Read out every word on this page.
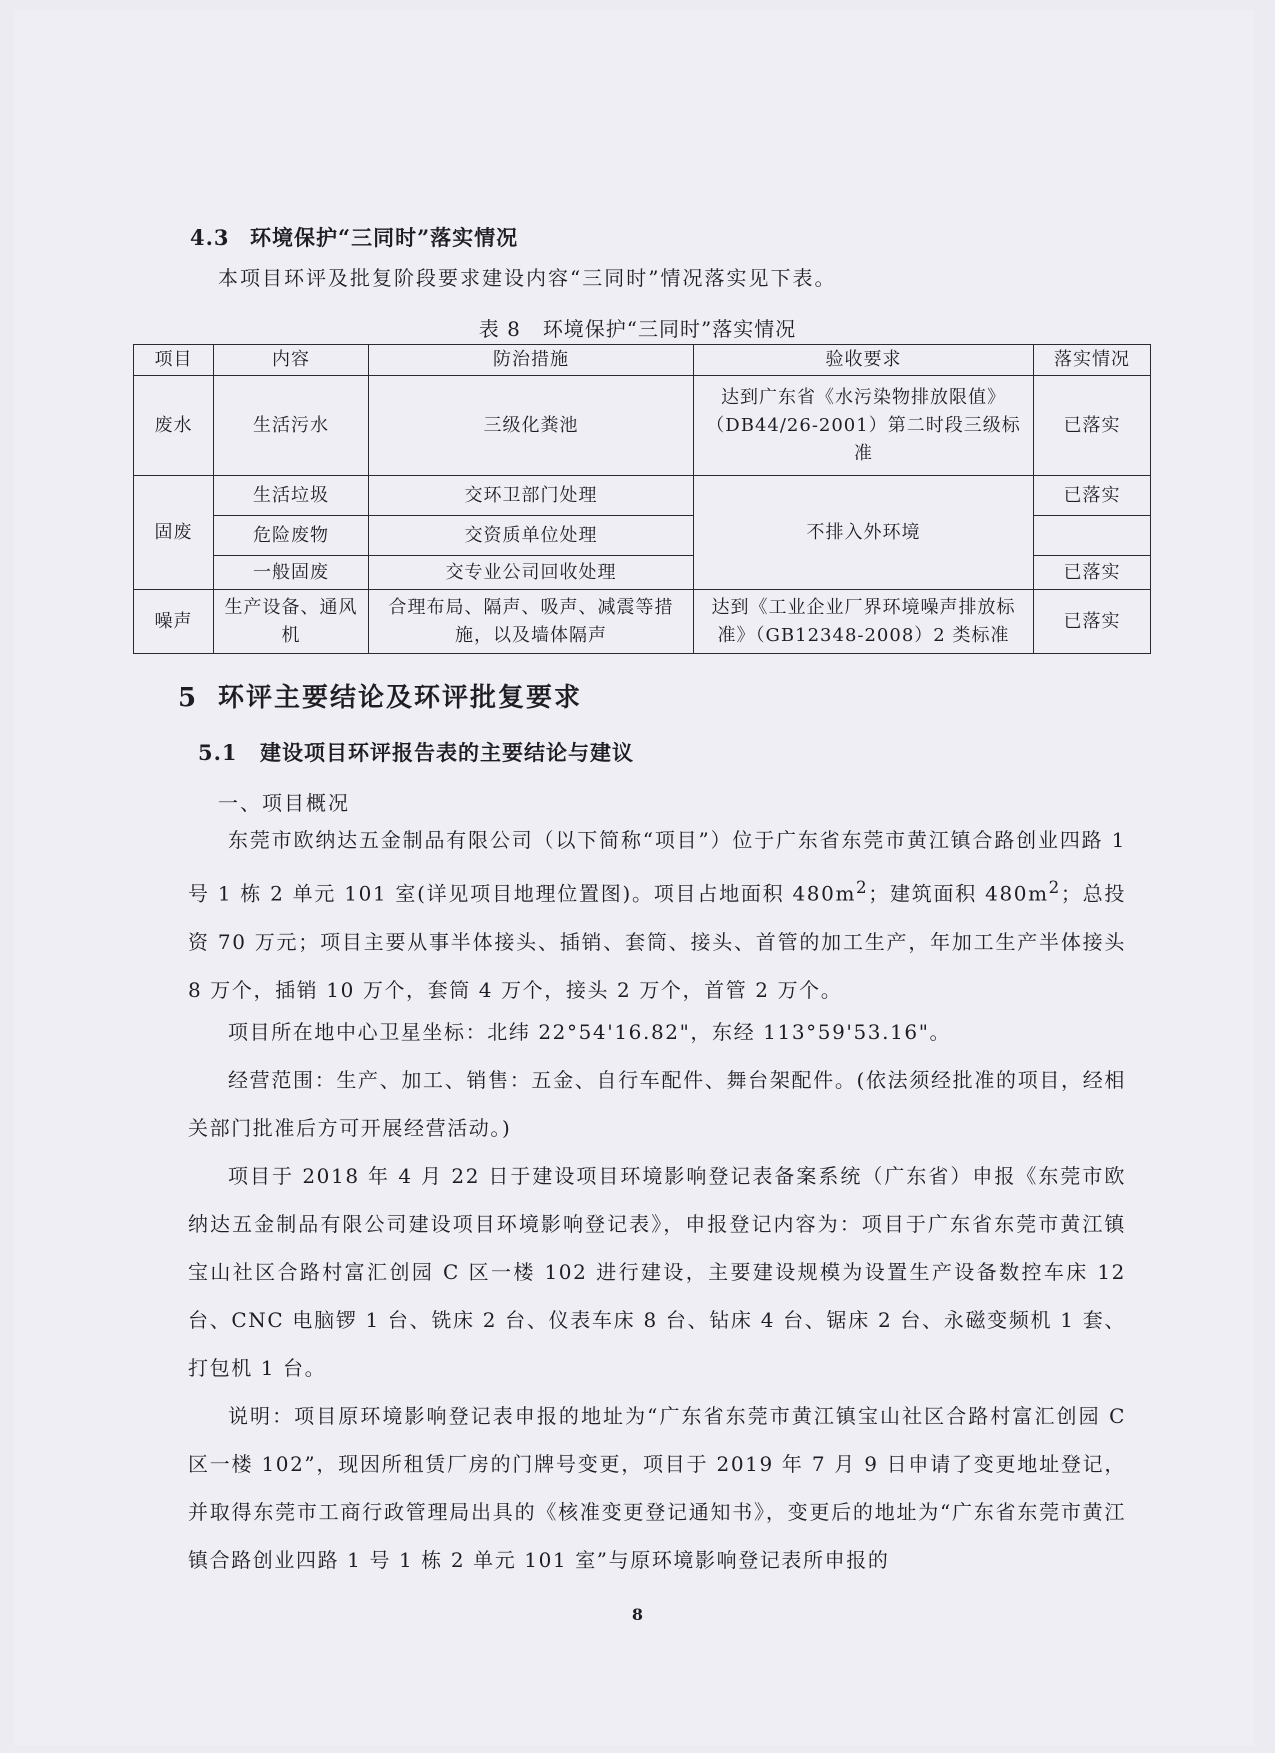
4.3 环境保护“三同时”落实情况
本项目环评及批复阶段要求建设内容“三同时”情况落实见下表。
表 8 环境保护“三同时”落实情况
项目	内容	防治措施	验收要求	落实情况
废水	生活污水	三级化粪池	达到广东省《水污染物排放限值》（DB44/26-2001）第二时段三级标准	已落实
固废	生活垃圾	交环卫部门处理	不排入外环境	已落实
	危险废物	交资质单位处理		
	一般固废	交专业公司回收处理		已落实
噪声	生产设备、通风机	合理布局、隔声、吸声、减震等措施，以及墙体隔声	达到《工业企业厂界环境噪声排放标准》（GB12348-2008）2 类标准	已落实
5 环评主要结论及环评批复要求
5.1 建设项目环评报告表的主要结论与建议
一、项目概况

东莞市欧纳达五金制品有限公司（以下简称“项目”）位于广东省东莞市黄江镇合路创业四路 1 号 1 栋 2 单元 101 室(详见项目地理位置图)。项目占地面积 $480m^2$；建筑面积 $480m^2$；总投资 70 万元；项目主要从事半体接头、插销、套筒、接头、首管的加工生产，年加工生产半体接头 8 万个，插销 10 万个，套筒 4 万个，接头 2 万个，首管 2 万个。

项目所在地中心卫星坐标：北纬 22°54'16.82"，东经 113°59'53.16"。

经营范围：生产、加工、销售：五金、自行车配件、舞台架配件。(依法须经批准的项目，经相关部门批准后方可开展经营活动。)

项目于 2018 年 4 月 22 日于建设项目环境影响登记表备案系统（广东省）申报《东莞市欧纳达五金制品有限公司建设项目环境影响登记表》，申报登记内容为：项目于广东省东莞市黄江镇宝山社区合路村富汇创园 C 区一楼 102 进行建设，主要建设规模为设置生产设备数控车床 12 台、CNC 电脑锣 1 台、铣床 2 台、仪表车床 8 台、钻床 4 台、锯床 2 台、永磁变频机 1 套、打包机 1 台。

说明：项目原环境影响登记表申报的地址为“广东省东莞市黄江镇宝山社区合路村富汇创园 C 区一楼 102”，现因所租赁厂房的门牌号变更，项目于 2019 年 7 月 9 日申请了变更地址登记，并取得东莞市工商行政管理局出具的《核准变更登记通知书》，变更后的地址为“广东省东莞市黄江镇合路创业四路 1 号 1 栋 2 单元 101 室”与原环境影响登记表所申报的

8
